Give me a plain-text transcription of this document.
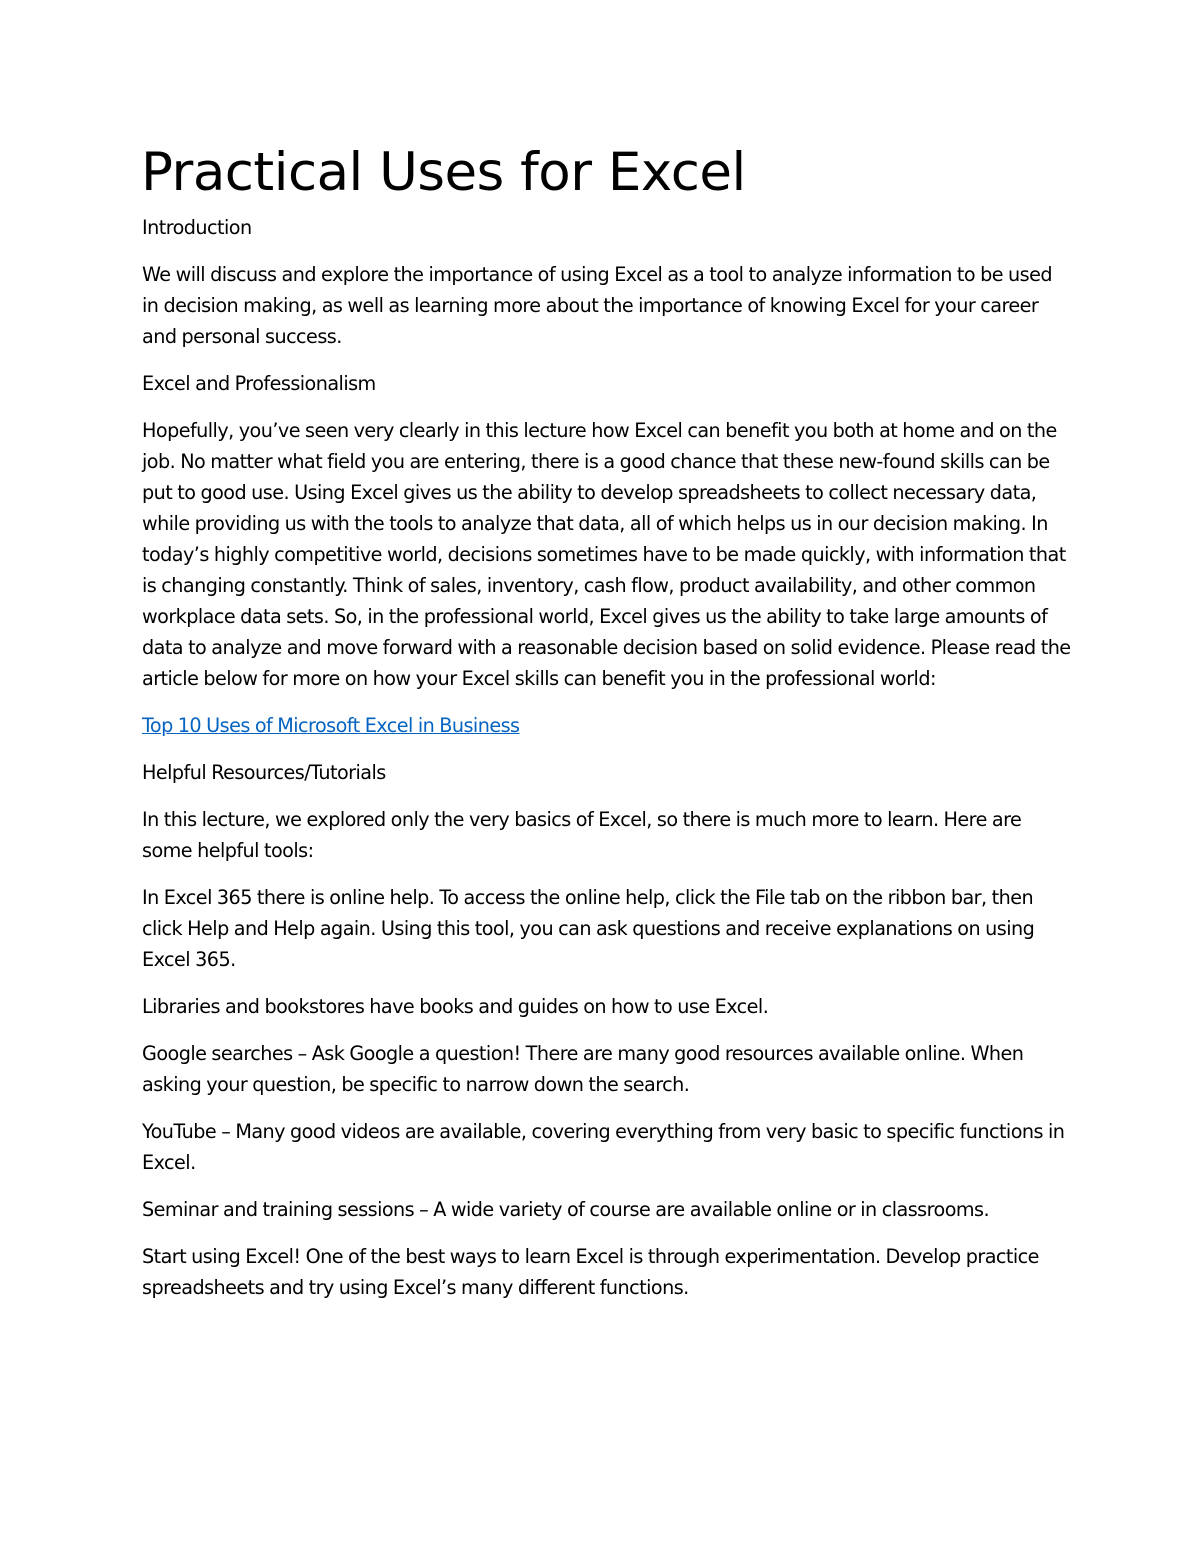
Practical Uses for Excel

Introduction

We will discuss and explore the importance of using Excel as a tool to analyze information to be used in decision making, as well as learning more about the importance of knowing Excel for your career and personal success.

Excel and Professionalism

Hopefully, you’ve seen very clearly in this lecture how Excel can benefit you both at home and on the job. No matter what field you are entering, there is a good chance that these new-found skills can be put to good use. Using Excel gives us the ability to develop spreadsheets to collect necessary data, while providing us with the tools to analyze that data, all of which helps us in our decision making. In today’s highly competitive world, decisions sometimes have to be made quickly, with information that is changing constantly. Think of sales, inventory, cash flow, product availability, and other common workplace data sets. So, in the professional world, Excel gives us the ability to take large amounts of data to analyze and move forward with a reasonable decision based on solid evidence. Please read the article below for more on how your Excel skills can benefit you in the professional world:

Top 10 Uses of Microsoft Excel in Business

Helpful Resources/Tutorials

In this lecture, we explored only the very basics of Excel, so there is much more to learn. Here are some helpful tools:

In Excel 365 there is online help. To access the online help, click the File tab on the ribbon bar, then click Help and Help again. Using this tool, you can ask questions and receive explanations on using Excel 365.

Libraries and bookstores have books and guides on how to use Excel.

Google searches – Ask Google a question! There are many good resources available online. When asking your question, be specific to narrow down the search.

YouTube – Many good videos are available, covering everything from very basic to specific functions in Excel.

Seminar and training sessions – A wide variety of course are available online or in classrooms.

Start using Excel! One of the best ways to learn Excel is through experimentation. Develop practice spreadsheets and try using Excel’s many different functions.
